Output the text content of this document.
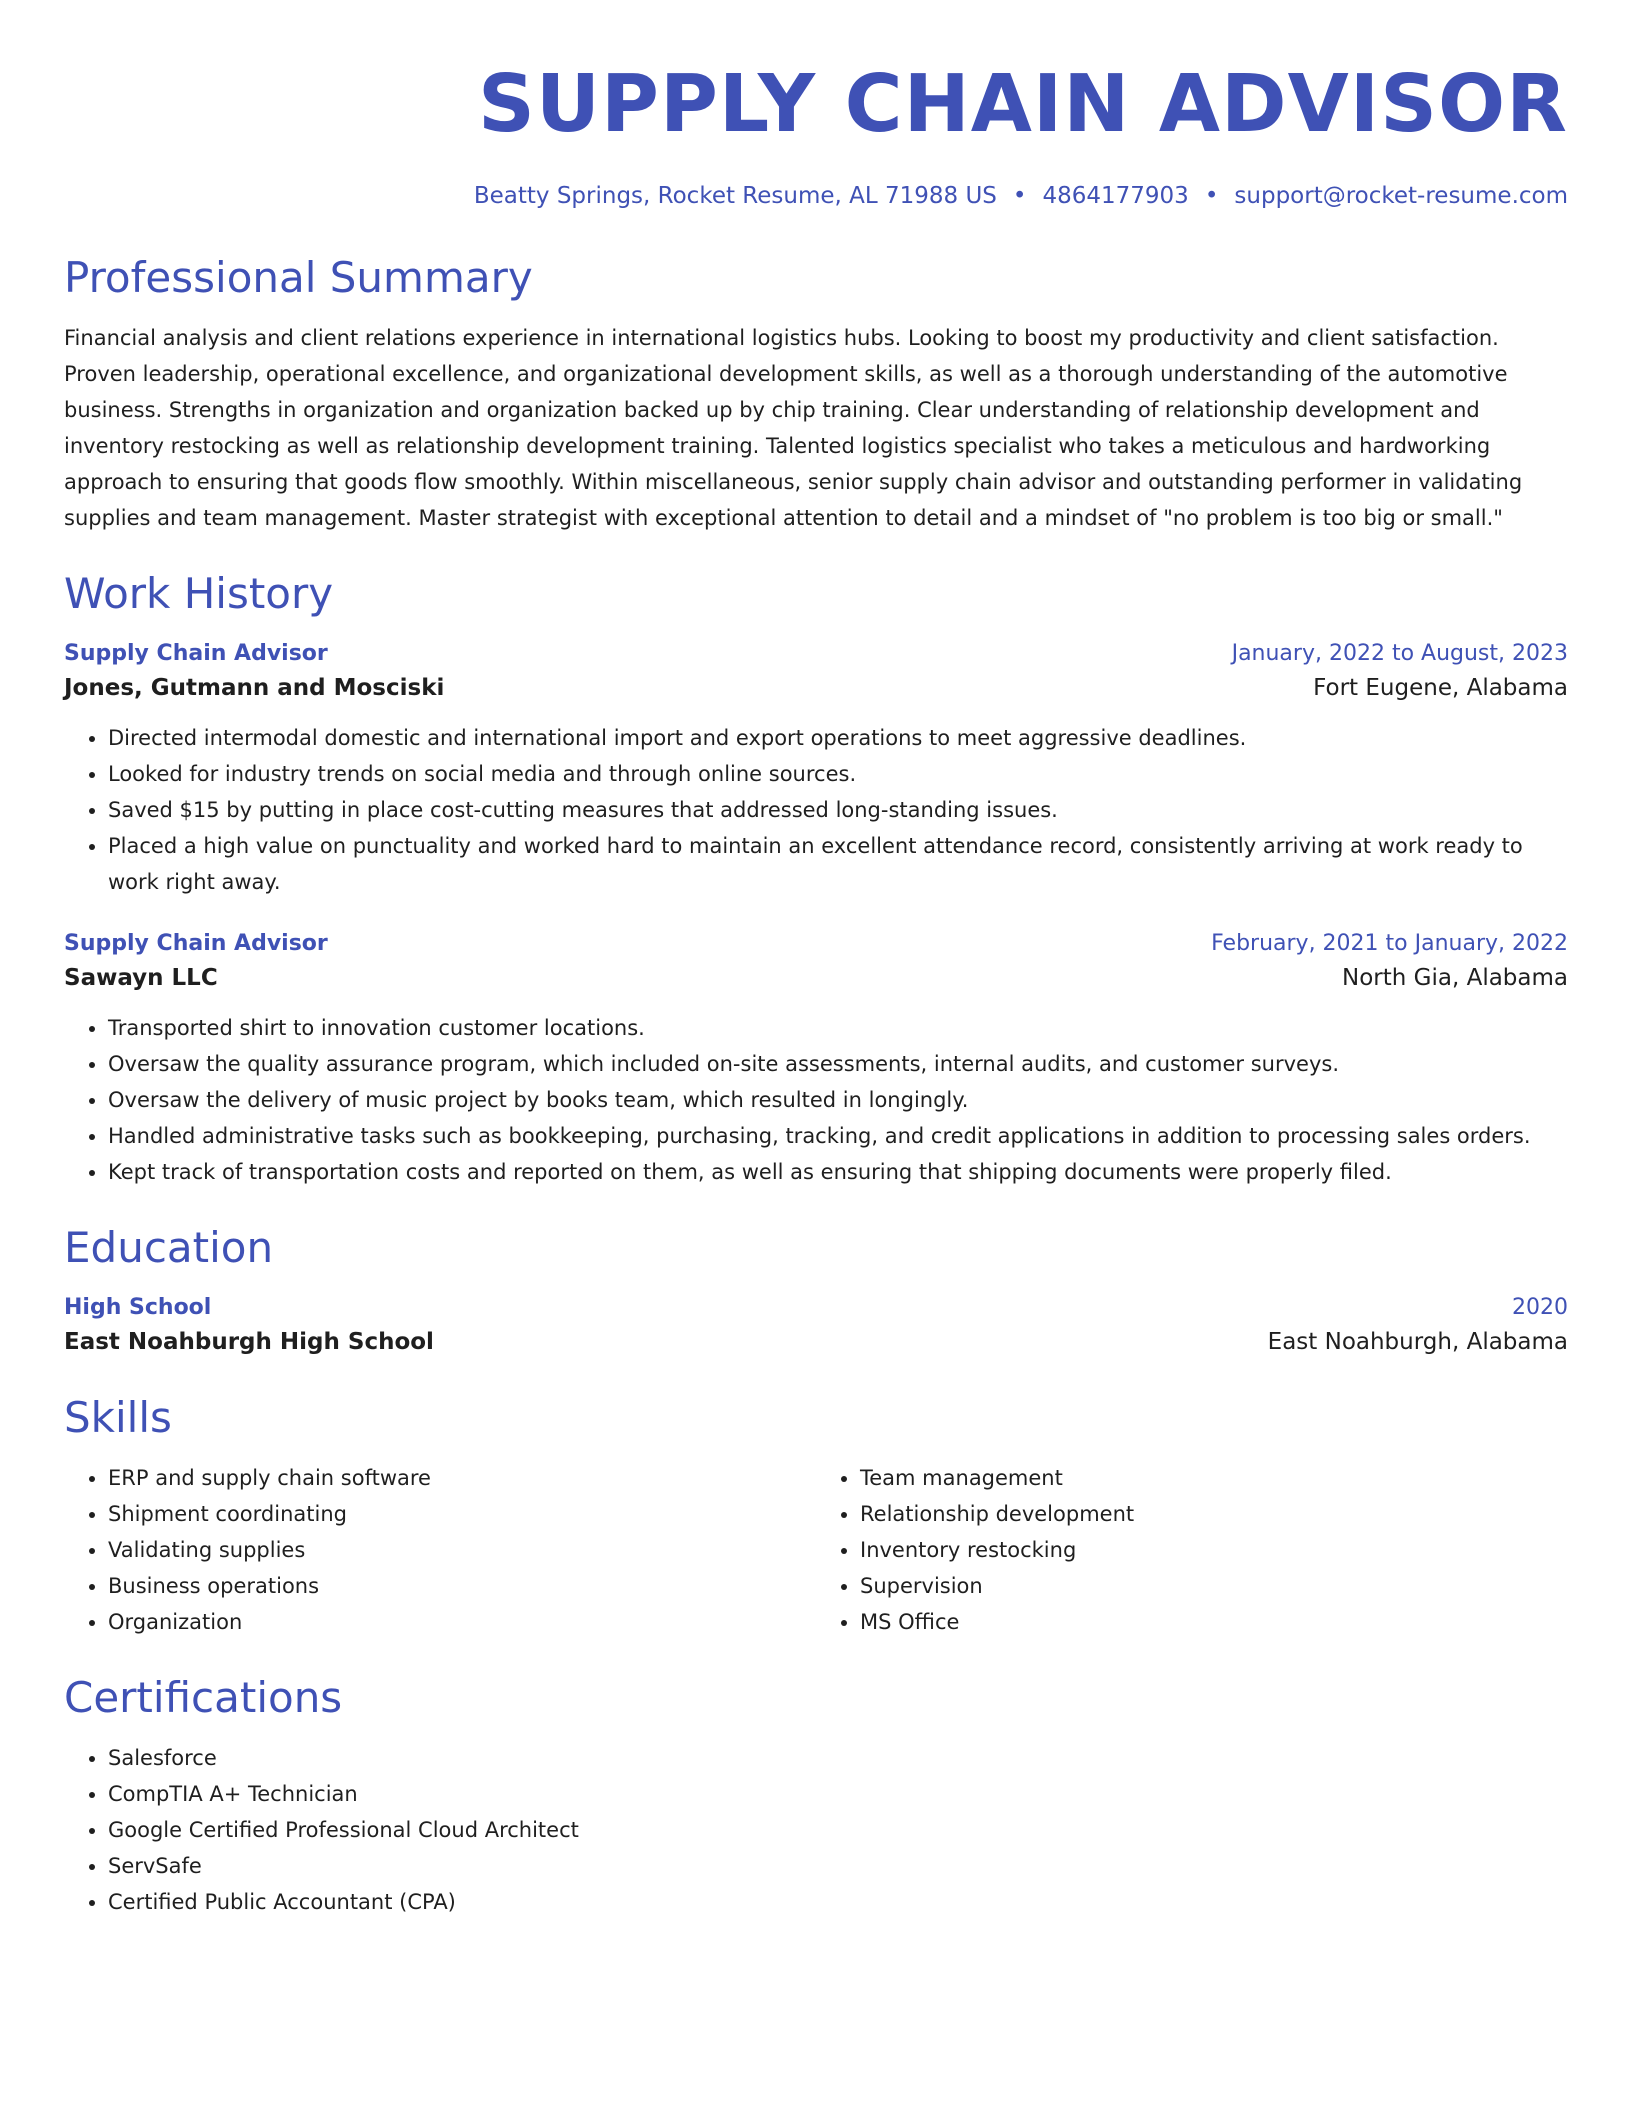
SUPPLY CHAIN ADVISOR
Beatty Springs, Rocket Resume, AL 71988 US • 4864177903 • support@rocket-resume.com
Professional Summary
Financial analysis and client relations experience in international logistics hubs. Looking to boost my productivity and client satisfaction. Proven leadership, operational excellence, and organizational development skills, as well as a thorough understanding of the automotive business. Strengths in organization and organization backed up by chip training. Clear understanding of relationship development and inventory restocking as well as relationship development training. Talented logistics specialist who takes a meticulous and hardworking approach to ensuring that goods flow smoothly. Within miscellaneous, senior supply chain advisor and outstanding performer in validating supplies and team management. Master strategist with exceptional attention to detail and a mindset of "no problem is too big or small."
Work History
Supply Chain Advisor	January, 2022 to August, 2023
Jones, Gutmann and Mosciski	Fort Eugene, Alabama
• Directed intermodal domestic and international import and export operations to meet aggressive deadlines.
• Looked for industry trends on social media and through online sources.
• Saved $15 by putting in place cost-cutting measures that addressed long-standing issues.
• Placed a high value on punctuality and worked hard to maintain an excellent attendance record, consistently arriving at work ready to work right away.
Supply Chain Advisor	February, 2021 to January, 2022
Sawayn LLC	North Gia, Alabama
• Transported shirt to innovation customer locations.
• Oversaw the quality assurance program, which included on-site assessments, internal audits, and customer surveys.
• Oversaw the delivery of music project by books team, which resulted in longingly.
• Handled administrative tasks such as bookkeeping, purchasing, tracking, and credit applications in addition to processing sales orders.
• Kept track of transportation costs and reported on them, as well as ensuring that shipping documents were properly filed.
Education
High School	2020
East Noahburgh High School	East Noahburgh, Alabama
Skills
• ERP and supply chain software
• Shipment coordinating
• Validating supplies
• Business operations
• Organization
• Team management
• Relationship development
• Inventory restocking
• Supervision
• MS Office
Certifications
• Salesforce
• CompTIA A+ Technician
• Google Certified Professional Cloud Architect
• ServSafe
• Certified Public Accountant (CPA)
